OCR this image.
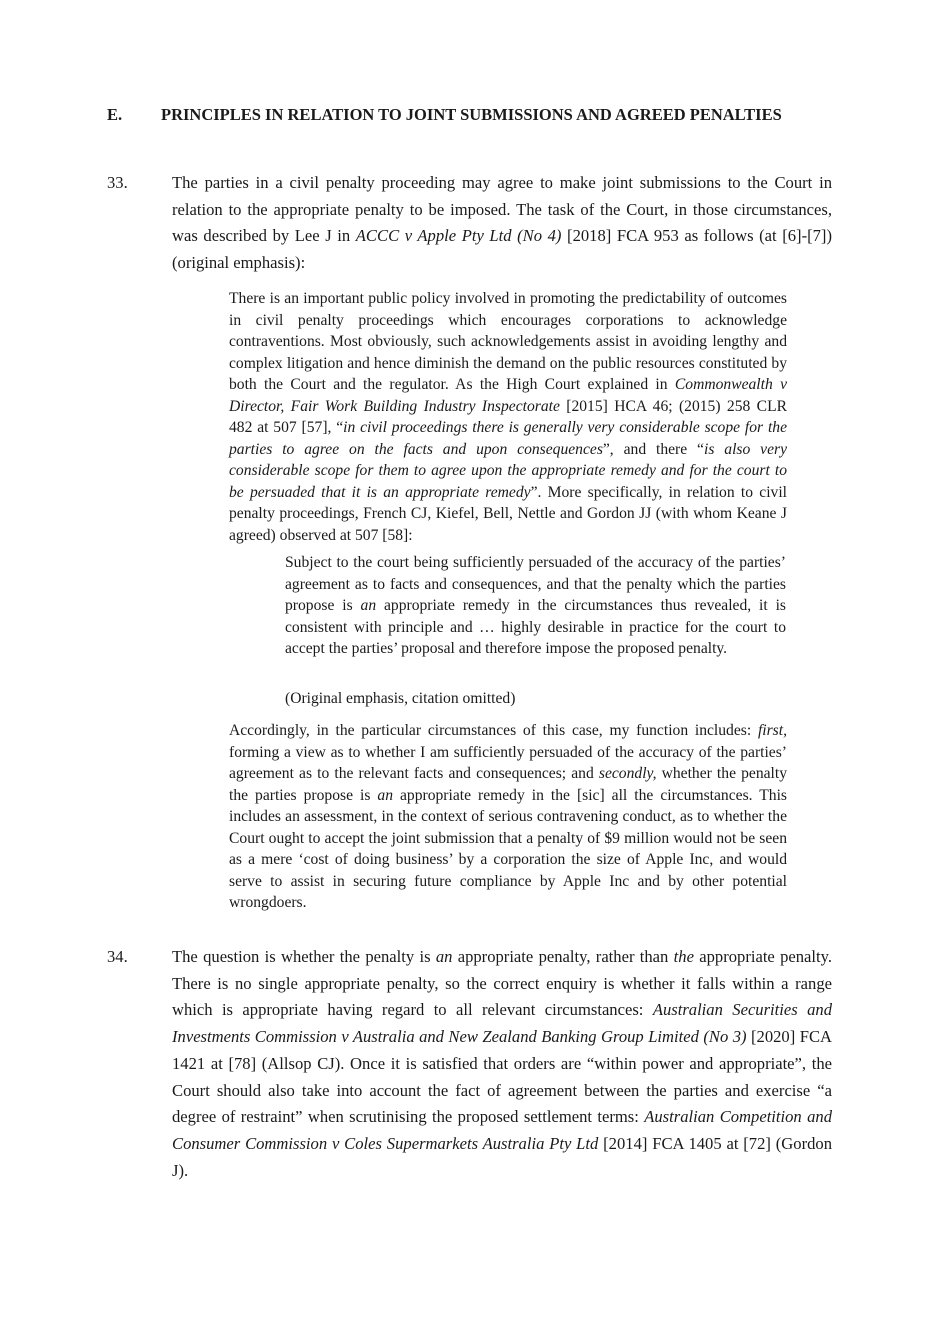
E. PRINCIPLES IN RELATION TO JOINT SUBMISSIONS AND AGREED PENALTIES
33.	The parties in a civil penalty proceeding may agree to make joint submissions to the Court in relation to the appropriate penalty to be imposed. The task of the Court, in those circumstances, was described by Lee J in ACCC v Apple Pty Ltd (No 4) [2018] FCA 953 as follows (at [6]-[7]) (original emphasis):
There is an important public policy involved in promoting the predictability of outcomes in civil penalty proceedings which encourages corporations to acknowledge contraventions. Most obviously, such acknowledgements assist in avoiding lengthy and complex litigation and hence diminish the demand on the public resources constituted by both the Court and the regulator. As the High Court explained in Commonwealth v Director, Fair Work Building Industry Inspectorate [2015] HCA 46; (2015) 258 CLR 482 at 507 [57], “in civil proceedings there is generally very considerable scope for the parties to agree on the facts and upon consequences”, and there “is also very considerable scope for them to agree upon the appropriate remedy and for the court to be persuaded that it is an appropriate remedy”. More specifically, in relation to civil penalty proceedings, French CJ, Kiefel, Bell, Nettle and Gordon JJ (with whom Keane J agreed) observed at 507 [58]:
Subject to the court being sufficiently persuaded of the accuracy of the parties’ agreement as to facts and consequences, and that the penalty which the parties propose is an appropriate remedy in the circumstances thus revealed, it is consistent with principle and … highly desirable in practice for the court to accept the parties’ proposal and therefore impose the proposed penalty.
(Original emphasis, citation omitted)
Accordingly, in the particular circumstances of this case, my function includes: first, forming a view as to whether I am sufficiently persuaded of the accuracy of the parties’ agreement as to the relevant facts and consequences; and secondly, whether the penalty the parties propose is an appropriate remedy in the [sic] all the circumstances. This includes an assessment, in the context of serious contravening conduct, as to whether the Court ought to accept the joint submission that a penalty of $9 million would not be seen as a mere ‘cost of doing business’ by a corporation the size of Apple Inc, and would serve to assist in securing future compliance by Apple Inc and by other potential wrongdoers.
34.	The question is whether the penalty is an appropriate penalty, rather than the appropriate penalty. There is no single appropriate penalty, so the correct enquiry is whether it falls within a range which is appropriate having regard to all relevant circumstances: Australian Securities and Investments Commission v Australia and New Zealand Banking Group Limited (No 3) [2020] FCA 1421 at [78] (Allsop CJ). Once it is satisfied that orders are “within power and appropriate”, the Court should also take into account the fact of agreement between the parties and exercise “a degree of restraint” when scrutinising the proposed settlement terms: Australian Competition and Consumer Commission v Coles Supermarkets Australia Pty Ltd [2014] FCA 1405 at [72] (Gordon J).
